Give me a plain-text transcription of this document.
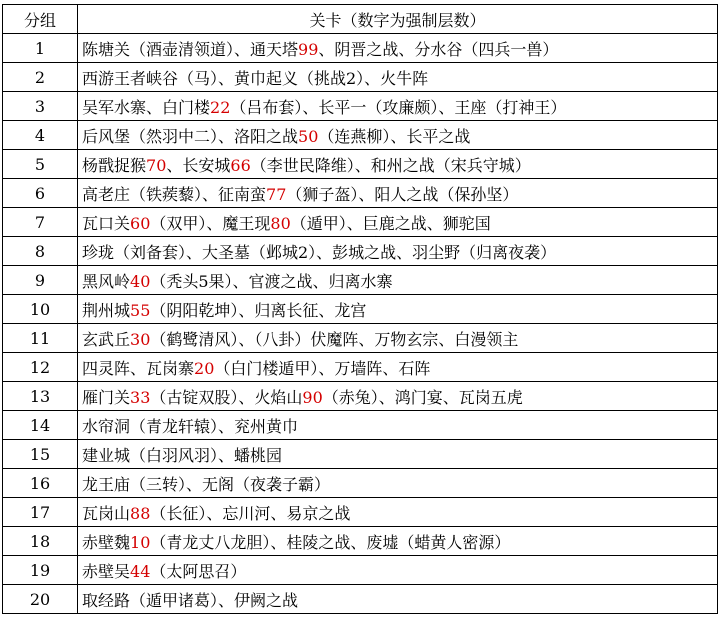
分组	关卡（数字为强制层数）
1	陈塘关（酒壶清领道）、通天塔99、阴晋之战、分水谷（四兵一兽）
2	西游王者峡谷（马）、黄巾起义（挑战2）、火牛阵
3	吴军水寨、白门楼22（吕布套）、长平一（攻廉颇）、王座（打神王）
4	后风堡（然羽中二）、洛阳之战50（连燕柳）、长平之战
5	杨戬捉猴70、长安城66（李世民降维）、和州之战（宋兵守城）
6	高老庄（铁蒺藜）、征南蛮77（狮子盔）、阳人之战（保孙坚）
7	瓦口关60（双甲）、魔王现80（遁甲）、巨鹿之战、狮驼国
8	珍珑（刘备套）、大圣墓（邺城2）、彭城之战、羽尘野（归离夜袭）
9	黑风岭40（秃头5果）、官渡之战、归离水寨
10	荆州城55（阴阳乾坤）、归离长征、龙宫
11	玄武丘30（鹤鹭清风）、（八卦）伏魔阵、万物玄宗、白漫领主
12	四灵阵、瓦岗寨20（白门楼遁甲）、万墙阵、石阵
13	雁门关33（古锭双股）、火焰山90（赤兔）、鸿门宴、瓦岗五虎
14	水帘洞（青龙轩辕）、兖州黄巾
15	建业城（白羽风羽）、蟠桃园
16	龙王庙（三转）、无阁（夜袭子霸）
17	瓦岗山88（长征）、忘川河、易京之战
18	赤壁魏10（青龙丈八龙胆）、桂陵之战、废墟（蜡黄人密源）
19	赤壁吴44（太阿思召）
20	取经路（遁甲诸葛）、伊阙之战
